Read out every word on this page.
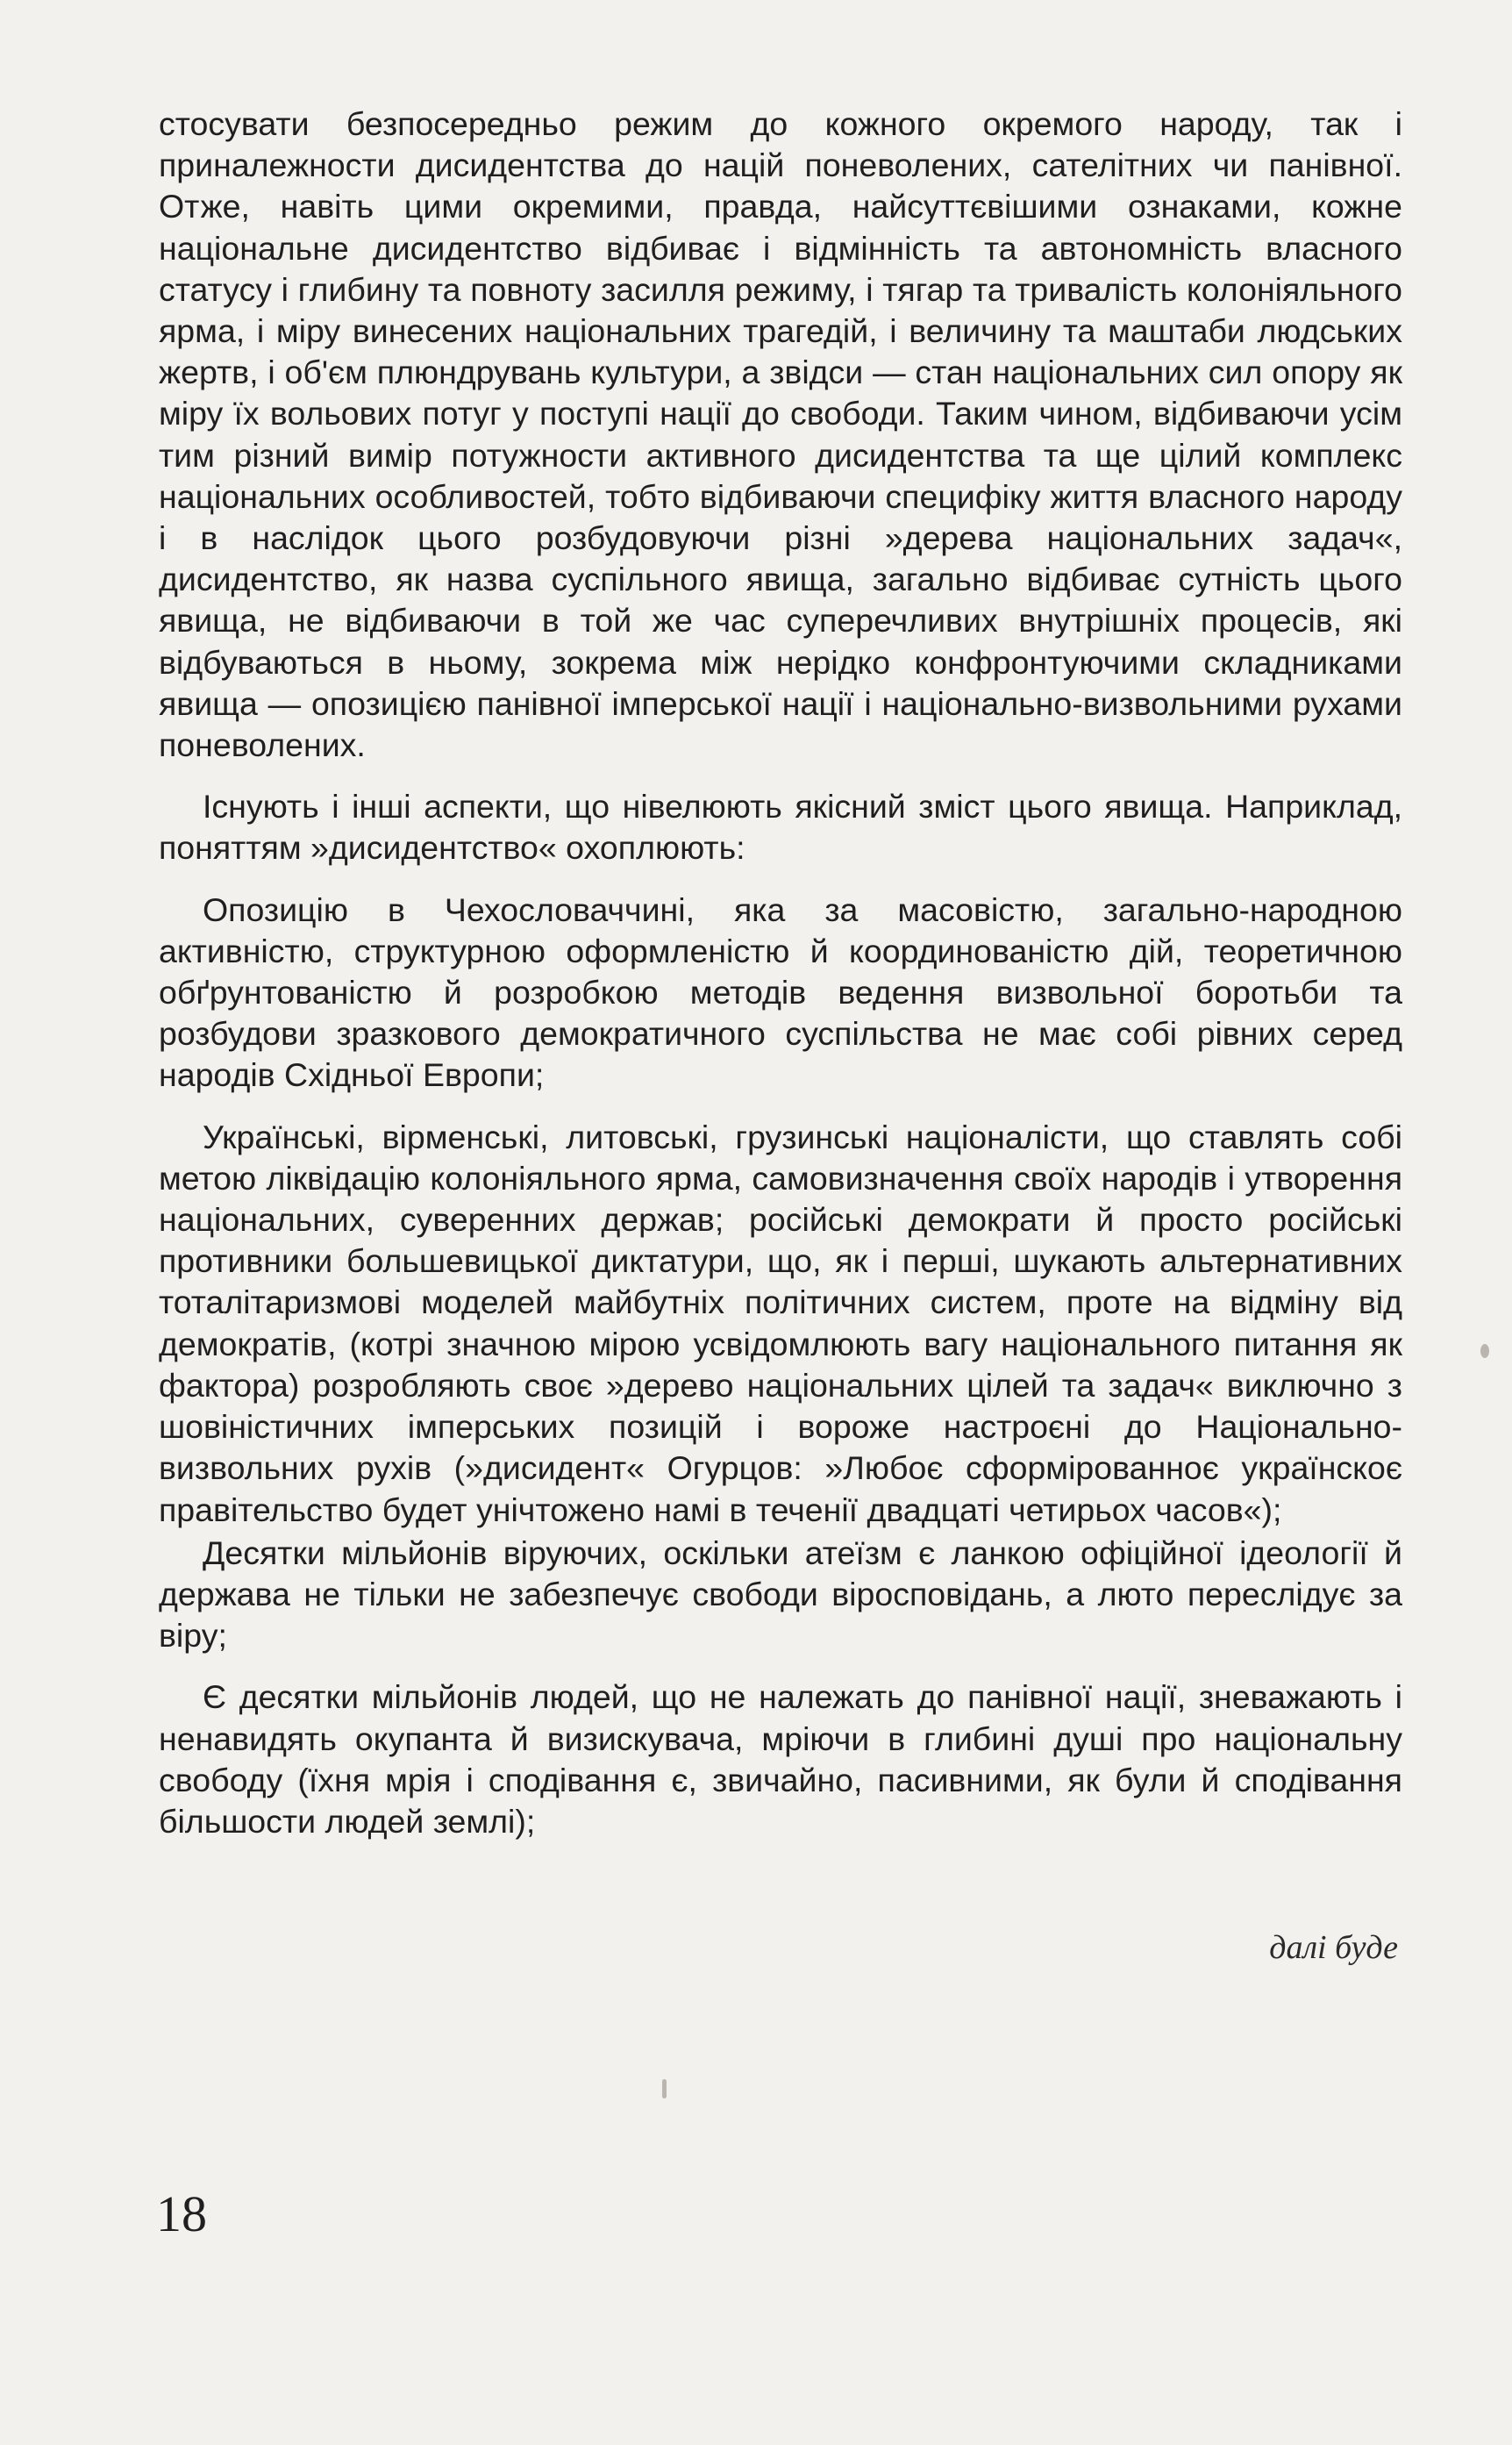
стосувати безпосередньо режим до кожного окремого народу, так і приналежности дисидентства до націй поневолених, сателітних чи панівної. Отже, навіть цими окремими, правда, найсуттєвішими ознаками, кожне національне дисидентство відбиває і відмінність та автономність власного статусу і глибину та повноту засилля режиму, і тягар та тривалість колоніяльного ярма, і міру винесених національних трагедій, і величину та маштаби людських жертв, і об'єм плюндрувань культури, а звідси — стан національних сил опору як міру їх вольових потуг у поступі нації до свободи. Таким чином, відбиваючи усім тим різний вимір потужности активного дисидентства та ще цілий комплекс національних особливостей, тобто відбиваючи специфіку життя власного народу і в наслідок цього розбудовуючи різні »дерева національних задач«, дисидентство, як назва суспільного явища, загально відбиває сутність цього явища, не відбиваючи в той же час суперечливих внутрішніх процесів, які відбуваються в ньому, зокрема між нерідко конфронтуючими складниками явища — опозицією панівної імперської нації і національно-визвольними рухами поневолених.

Існують і інші аспекти, що нівелюють якісний зміст цього явища. Наприклад, поняттям »дисидентство« охоплюють:

Опозицію в Чехословаччині, яка за масовістю, загально-народною активністю, структурною оформленістю й координованістю дій, теоретичною обґрунтованістю й розробкою методів ведення визвольної боротьби та розбудови зразкового демократичного суспільства не має собі рівних серед народів Східньої Европи;

Українські, вірменські, литовські, грузинські націоналісти, що ставлять собі метою ліквідацію колоніяльного ярма, самовизначення своїх народів і утворення національних, суверенних держав; російські демократи й просто російські противники большевицької диктатури, що, як і перші, шукають альтернативних тоталітаризмові моделей майбутніх політичних систем, проте на відміну від демократів, (котрі значною мірою усвідомлюють вагу національного питання як фактора) розробляють своє »дерево національних цілей та задач« виключно з шовіністичних імперських позицій і вороже настроєні до Національно-визвольних рухів (»дисидент« Огурцов: »Любоє сформірованноє українскоє правітельство будет унічтожено намі в теченії двадцаті четирьох часов«);

Десятки мільйонів віруючих, оскільки атеїзм є ланкою офіційної ідеології й держава не тільки не забезпечує свободи віросповідань, а люто переслідує за віру;

Є десятки мільйонів людей, що не належать до панівної нації, зневажають і ненавидять окупанта й визискувача, мріючи в глибині душі про національну свободу (їхня мрія і сподівання є, звичайно, пасивними, як були й сподівання більшости людей землі);

далі буде
18
